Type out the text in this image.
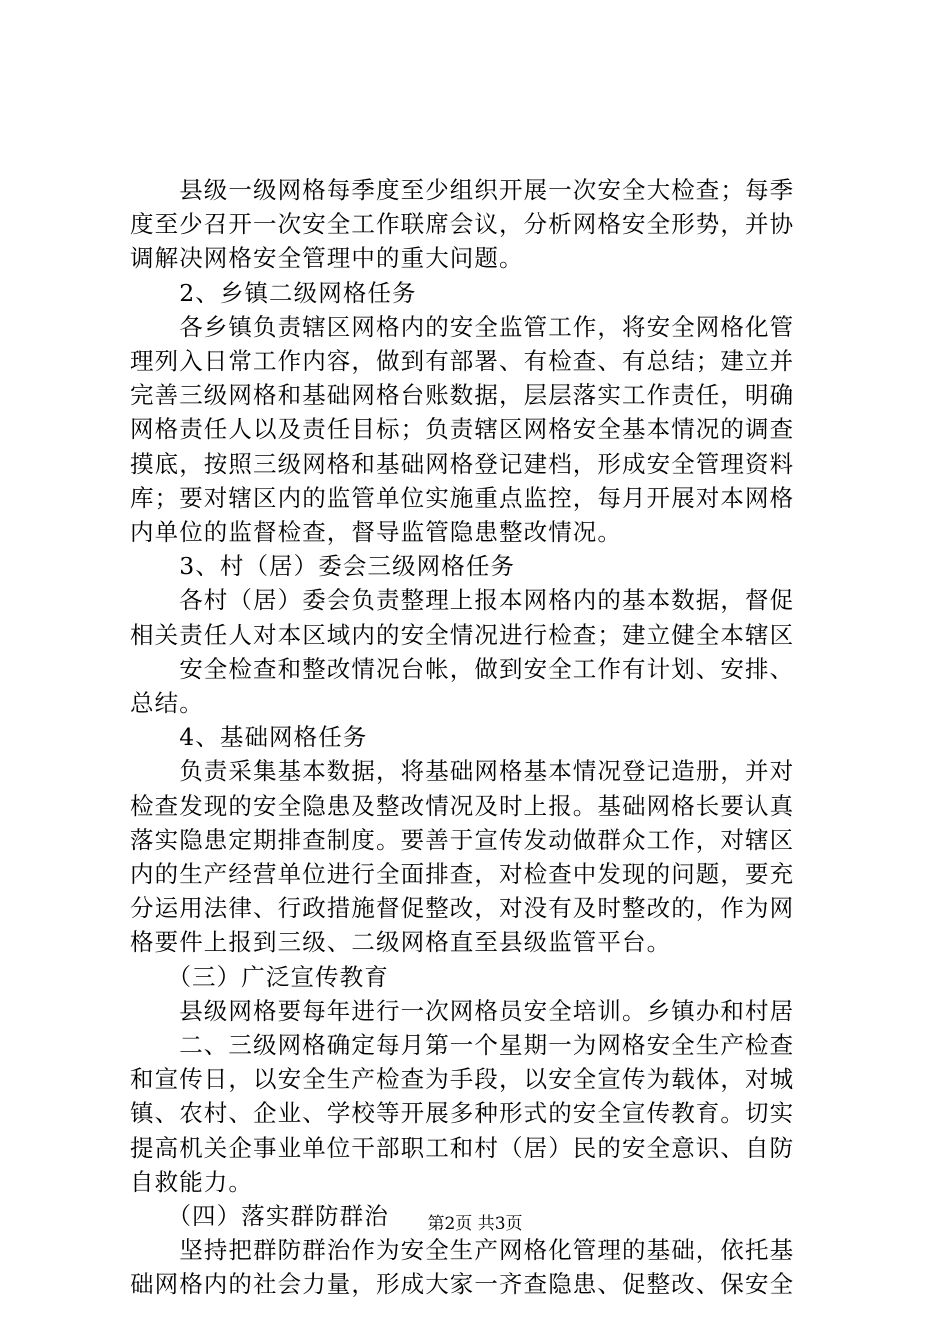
　　县级一级网格每季度至少组织开展一次安全大检查；每季
度至少召开一次安全工作联席会议，分析网格安全形势，并协
调解决网格安全管理中的重大问题。
　　2、乡镇二级网格任务
　　各乡镇负责辖区网格内的安全监管工作，将安全网格化管
理列入日常工作内容，做到有部署、有检查、有总结；建立并
完善三级网格和基础网格台账数据，层层落实工作责任，明确
网格责任人以及责任目标；负责辖区网格安全基本情况的调查
摸底，按照三级网格和基础网格登记建档，形成安全管理资料
库；要对辖区内的监管单位实施重点监控，每月开展对本网格
内单位的监督检查，督导监管隐患整改情况。
　　3、村（居）委会三级网格任务
　　各村（居）委会负责整理上报本网格内的基本数据，督促
相关责任人对本区域内的安全情况进行检查；建立健全本辖区
　　安全检查和整改情况台帐，做到安全工作有计划、安排、
总结。
　　4、基础网格任务
　　负责采集基本数据，将基础网格基本情况登记造册，并对
检查发现的安全隐患及整改情况及时上报。基础网格长要认真
落实隐患定期排查制度。要善于宣传发动做群众工作，对辖区
内的生产经营单位进行全面排查，对检查中发现的问题，要充
分运用法律、行政措施督促整改，对没有及时整改的，作为网
格要件上报到三级、二级网格直至县级监管平台。
　　（三）广泛宣传教育
　　县级网格要每年进行一次网格员安全培训。乡镇办和村居
　　二、三级网格确定每月第一个星期一为网格安全生产检查
和宣传日，以安全生产检查为手段，以安全宣传为载体，对城
镇、农村、企业、学校等开展多种形式的安全宣传教育。切实
提高机关企事业单位干部职工和村（居）民的安全意识、自防
自救能力。
第2页 共3页
　　（四）落实群防群治
　　坚持把群防群治作为安全生产网格化管理的基础，依托基
础网格内的社会力量，形成大家一齐查隐患、促整改、保安全
